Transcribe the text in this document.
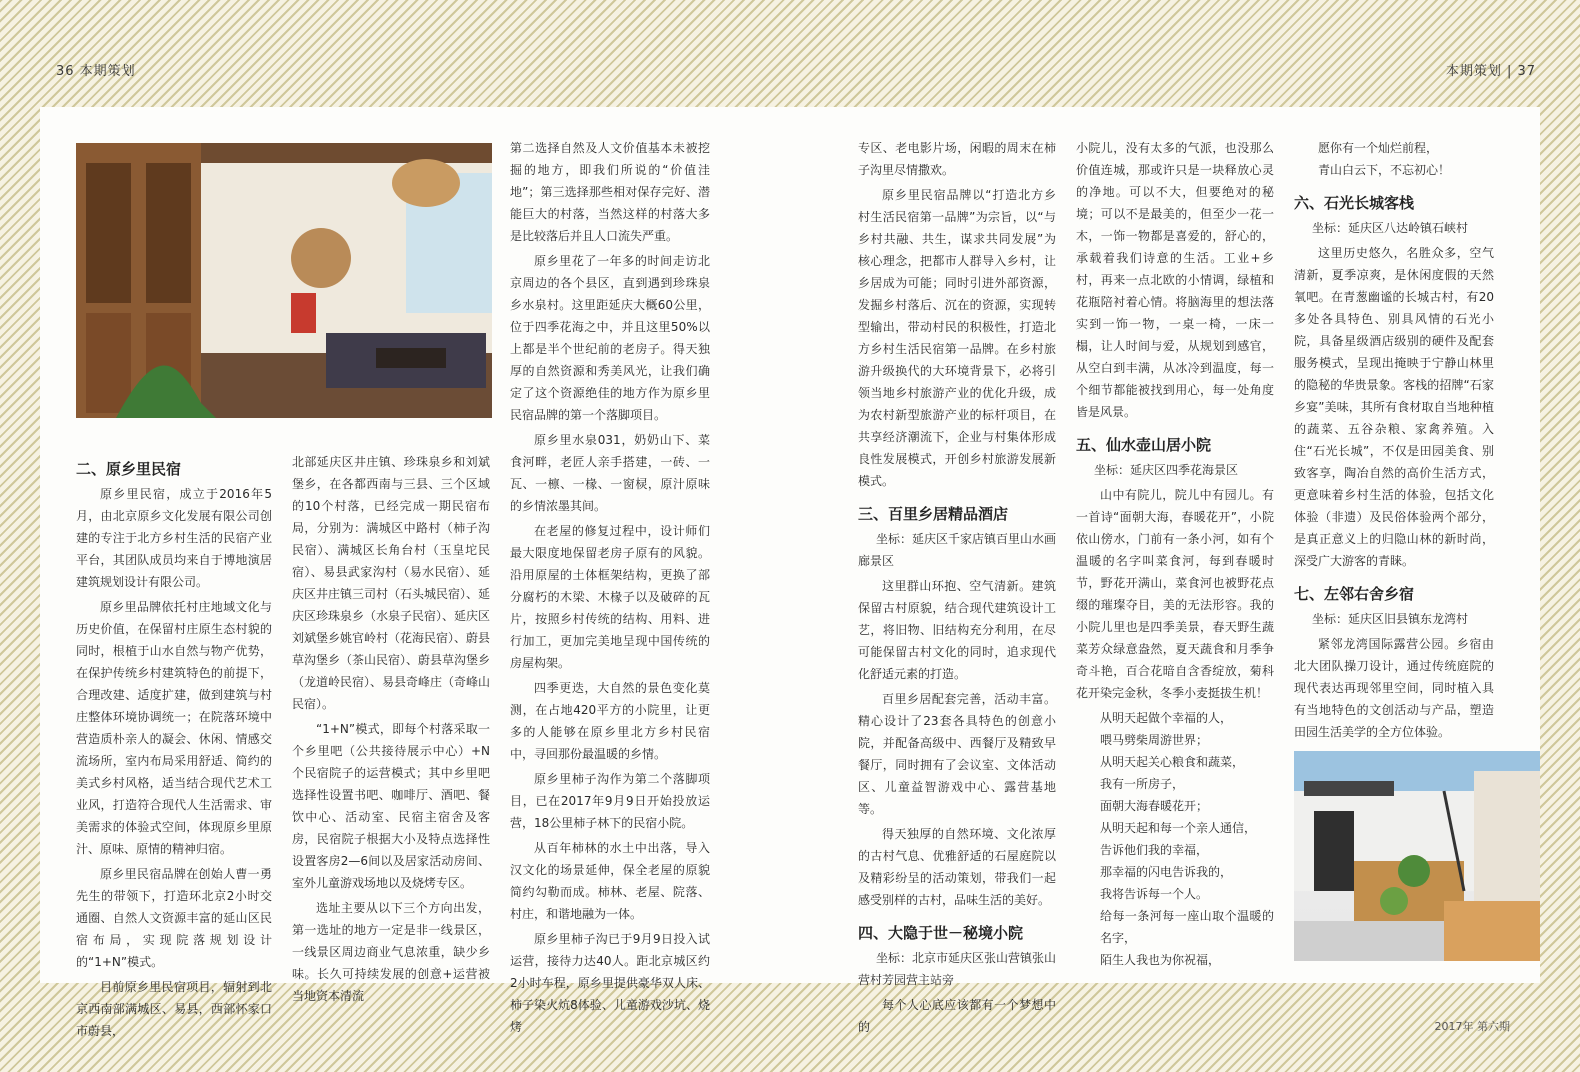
36 本期策划	本期策划 | 37
二、原乡里民宿

原乡里民宿，成立于2016年5月，由北京原乡文化发展有限公司创建的专注于北方乡村生活的民宿产业平台，其团队成员均来自于博地演居建筑规划设计有限公司。

原乡里品牌依托村庄地域文化与历史价值，在保留村庄原生态村貌的同时，根植于山水自然与物产优势，在保护传统乡村建筑特色的前提下，合理改建、适度扩建，做到建筑与村庄整体环境协调统一；在院落环境中营造质朴亲人的凝会、休闲、情感交流场所，室内布局采用舒适、简约的美式乡村风格，适当结合现代艺术工业风，打造符合现代人生活需求、审美需求的体验式空间，体现原乡里原汁、原味、原情的精神归宿。

原乡里民宿品牌在创始人曹一勇先生的带领下，打造环北京2小时交通圈、自然人文资源丰富的延山区民宿布局，实现院落规划设计的“1+N”模式。

目前原乡里民宿项目，辐射到北京西南部满城区、易县，西部怀家口市蔚县，

北部延庆区井庄镇、珍珠泉乡和刘斌堡乡，在各都西南与三县、三个区域的10个村落，已经完成一期民宿布局，分别为：满城区中路村（柿子沟民宿）、满城区长角台村（玉皇坨民宿）、易县武家沟村（易水民宿）、延庆区井庄镇三司村（石头城民宿）、延庆区珍珠泉乡（水泉子民宿）、延庆区刘斌堡乡姚官岭村（花海民宿）、蔚县草沟堡乡（茶山民宿）、蔚县草沟堡乡（龙道岭民宿）、易县奇峰庄（奇峰山民宿）。

“1+N”模式，即每个村落采取一个乡里吧（公共接待展示中心）+N个民宿院子的运营模式；其中乡里吧选择性设置书吧、咖啡厅、酒吧、餐饮中心、活动室、民宿主宿舍及客房，民宿院子根据大小及特点选择性设置客房2—6间以及居家活动房间、室外儿童游戏场地以及烧烤专区。

选址主要从以下三个方向出发，第一选址的地方一定是非一线景区，一线景区周边商业气息浓重，缺少乡味。长久可持续发展的创意+运营被当地资本清流

第二选择自然及人文价值基本未被挖掘的地方，即我们所说的“价值洼地”；第三选择那些相对保存完好、潜能巨大的村落，当然这样的村落大多是比较落后并且人口流失严重。

原乡里花了一年多的时间走访北京周边的各个县区，直到遇到珍珠泉乡水泉村。这里距延庆大概60公里，位于四季花海之中，并且这里50%以上都是半个世纪前的老房子。得天独厚的自然资源和秀美风光，让我们确定了这个资源绝佳的地方作为原乡里民宿品牌的第一个落脚项目。

原乡里水泉031，奶奶山下、菜食河畔，老匠人亲手搭建，一砖、一瓦、一檩、一椽、一窗棂，原汁原味的乡情浓墨其间。

在老屋的修复过程中，设计师们最大限度地保留老房子原有的风貌。沿用原屋的土体框架结构，更换了部分腐朽的木梁、木椽子以及破碎的瓦片，按照乡村传统的结构、用料、进行加工，更加完美地呈现中国传统的房屋构架。

四季更迭，大自然的景色变化莫测，在占地420平方的小院里，让更多的人能够在原乡里北方乡村民宿中，寻回那份最温暖的乡情。

原乡里柿子沟作为第二个落脚项目，已在2017年9月9日开始投放运营，18公里柿子林下的民宿小院。

从百年柿林的水土中出落，导入汉文化的场景延伸，保全老屋的原貌简约勾勒而成。柿林、老屋、院落、村庄，和谐地融为一体。

原乡里柿子沟已于9月9日投入试运营，接待力达40人。距北京城区约2小时车程，原乡里提供豪华双人床、柿子染火炕8体验、儿童游戏沙坑、烧烤

专区、老电影片场，闲暇的周末在柿子沟里尽情撒欢。

原乡里民宿品牌以“打造北方乡村生活民宿第一品牌”为宗旨，以“与乡村共融、共生，谋求共同发展”为核心理念，把都市人群导入乡村，让乡居成为可能；同时引进外部资源，发掘乡村落后、沉在的资源，实现转型输出，带动村民的积极性，打造北方乡村生活民宿第一品牌。在乡村旅游升级换代的大环境背景下，必将引领当地乡村旅游产业的优化升级，成为农村新型旅游产业的标杆项目，在共享经济潮流下，企业与村集体形成良性发展模式，开创乡村旅游发展新模式。

三、百里乡居精品酒店

坐标：延庆区千家店镇百里山水画廊景区

这里群山环抱、空气清新。建筑保留古村原貌，结合现代建筑设计工艺，将旧物、旧结构充分利用，在尽可能保留古村文化的同时，追求现代化舒适元素的打造。

百里乡居配套完善，活动丰富。精心设计了23套各具特色的创意小院，并配备高级中、西餐厅及精致早餐厅，同时拥有了会议室、文体活动区、儿童益智游戏中心、露营基地等。

得天独厚的自然环境、文化浓厚的古村气息、优雅舒适的石屋庭院以及精彩纷呈的活动策划，带我们一起感受别样的古村，品味生活的美好。

四、大隐于世－秘境小院

坐标：北京市延庆区张山营镇张山营村芳园营主站旁

每个人心底应该都有一个梦想中的

小院儿，没有太多的气派，也没那么价值连城，那或许只是一块释放心灵的净地。可以不大，但要绝对的秘境；可以不是最美的，但至少一花一木，一饰一物都是喜爱的，舒心的，承载着我们诗意的生活。工业+乡村，再来一点北欧的小情调，绿植和花瓶陪衬着心情。将脑海里的想法落实到一饰一物，一桌一椅，一床一榻，让人时间与爱，从规划到感官，从空白到丰满，从冰冷到温度，每一个细节都能被找到用心，每一处角度皆是风景。

五、仙水壶山居小院

坐标：延庆区四季花海景区

山中有院儿，院儿中有园儿。有一首诗“面朝大海，春暖花开”，小院依山傍水，门前有一条小河，如有个温暖的名字叫菜食河，每到春暖时节，野花开满山，菜食河也被野花点缀的璀璨夺目，美的无法形容。我的小院儿里也是四季美景，春天野生蔬菜芳众绿意盎然，夏天蔬食和月季争奇斗艳，百合花暗自含香绽放，菊科花开染完金秋，冬季小麦挺拔生机！

从明天起做个幸福的人，

喂马劈柴周游世界；

从明天起关心粮食和蔬菜，

我有一所房子，

面朝大海春暖花开；

从明天起和每一个亲人通信，

告诉他们我的幸福，

那幸福的闪电告诉我的，

我将告诉每一个人。

给每一条河每一座山取个温暖的名字，

陌生人我也为你祝福，

愿你有一个灿烂前程，

青山白云下，不忘初心！

六、石光长城客栈

坐标：延庆区八达岭镇石峡村

这里历史悠久，名胜众多，空气清新，夏季凉爽，是休闲度假的天然氧吧。在青葱幽谧的长城古村，有20多处各具特色、别具风情的石光小院，具备星级酒店级别的硬件及配套服务模式，呈现出掩映于宁静山林里的隐秘的华贵景象。客栈的招牌“石家乡宴”美味，其所有食材取自当地种植的蔬菜、五谷杂粮、家禽养殖。入住“石光长城”，不仅是田园美食、别致客享，陶冶自然的高价生活方式，更意味着乡村生活的体验，包括文化体验（非遗）及民俗体验两个部分，是真正意义上的归隐山林的新时尚，深受广大游客的青睐。

七、左邻右舍乡宿

坐标：延庆区旧县镇东龙湾村

紧邻龙湾国际露营公园。乡宿由北大团队操刀设计，通过传统庭院的现代表达再现邻里空间，同时植入具有当地特色的文创活动与产品，塑造田园生活美学的全方位体验。

2017年 第六期
